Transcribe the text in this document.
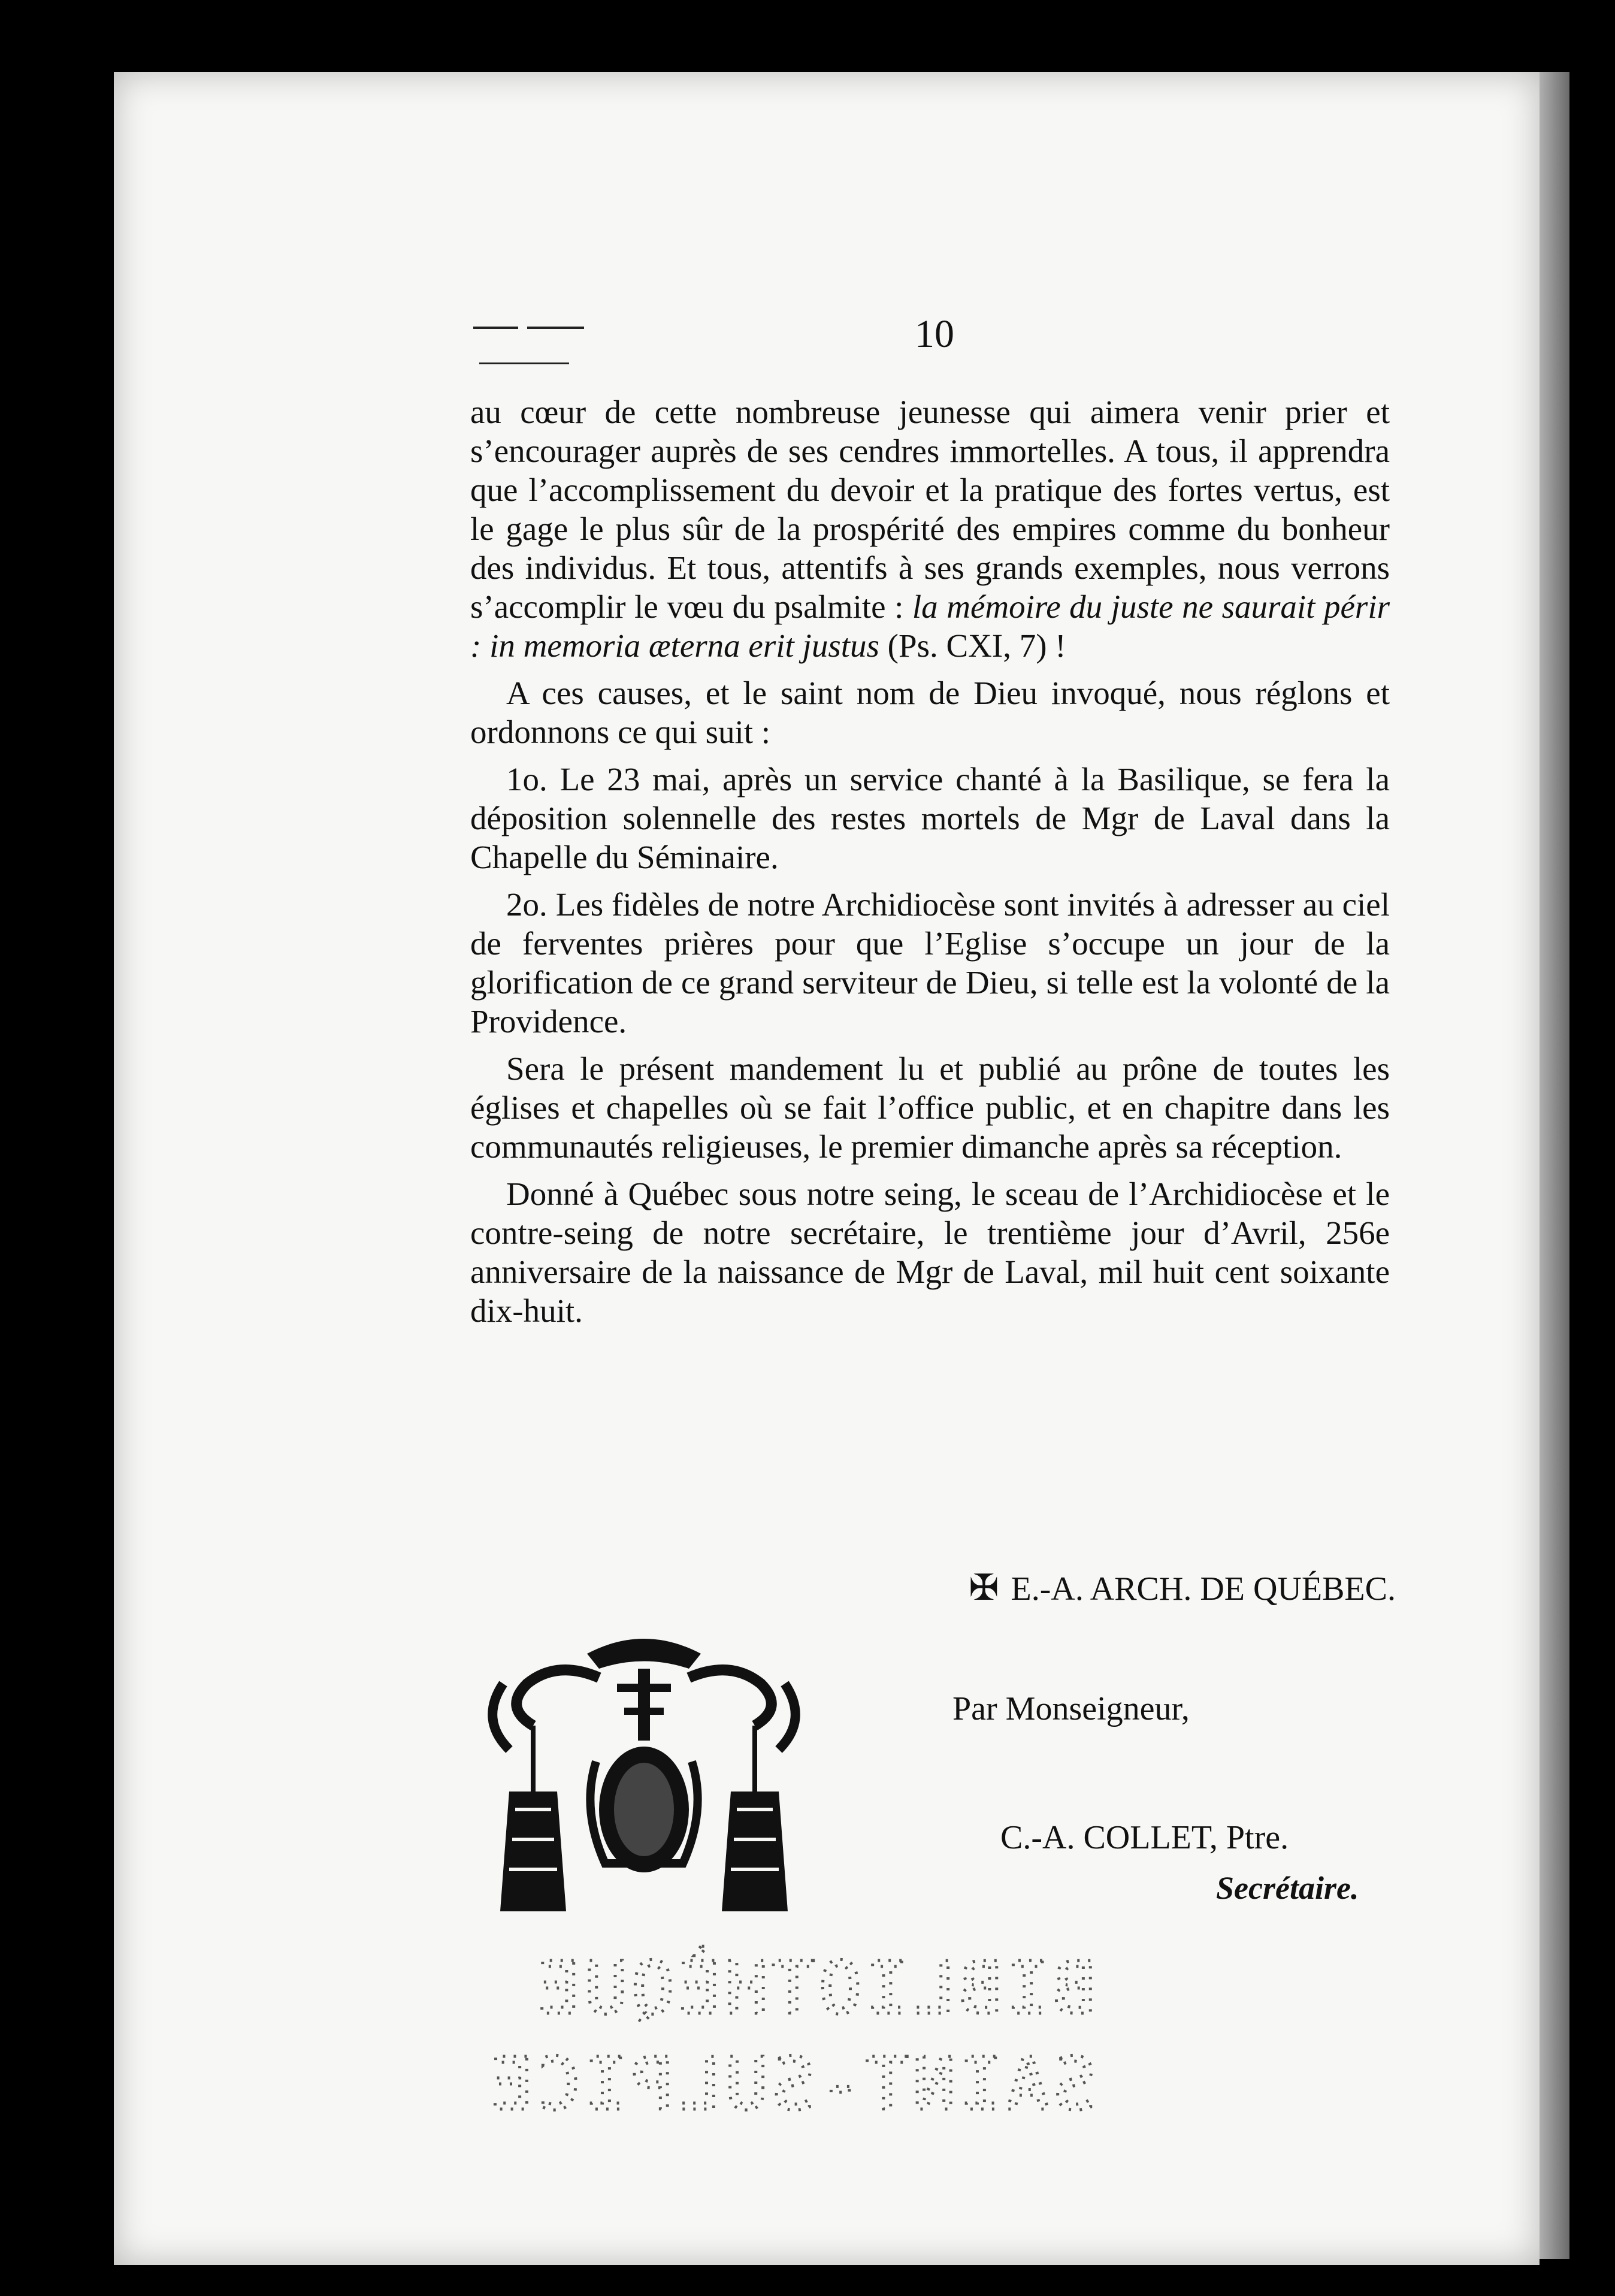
10

au cœur de cette nombreuse jeunesse qui aimera venir prier et s’encourager auprès de ses cendres immortelles. A tous, il apprendra que l’accomplissement du devoir et la pratique des fortes vertus, est le gage le plus sûr de la prospérité des empires comme du bonheur des individus. Et tous, attentifs à ses grands exemples, nous verrons s’accomplir le vœu du psalmite : la mémoire du juste ne saurait périr : in memoria æterna erit justus (Ps. CXI, 7) !

A ces causes, et le saint nom de Dieu invoqué, nous réglons et ordonnons ce qui suit :

1o. Le 23 mai, après un service chanté à la Basilique, se fera la déposition solennelle des restes mortels de Mgr de Laval dans la Chapelle du Séminaire.

2o. Les fidèles de notre Archidiocèse sont invités à adresser au ciel de ferventes prières pour que l’Eglise s’occupe un jour de la glorification de ce grand serviteur de Dieu, si telle est la volonté de la Providence.

Sera le présent mandement lu et publié au prône de toutes les églises et chapelles où se fait l’office public, et en chapitre dans les communautés religieuses, le premier dimanche après sa réception.

Donné à Québec sous notre seing, le sceau de l’Archidiocèse et le contre-seing de notre secrétaire, le trentième jour d’Avril, 256e anniversaire de la naissance de Mgr de Laval, mil huit cent soixante dix-huit.

✠ E.-A. ARCH. DE QUÉBEC.
Par Monseigneur,
C.-A. COLLET, Ptre.
Secrétaire.
BIBLIOTHÈQUE
SAINT-SULPICE
